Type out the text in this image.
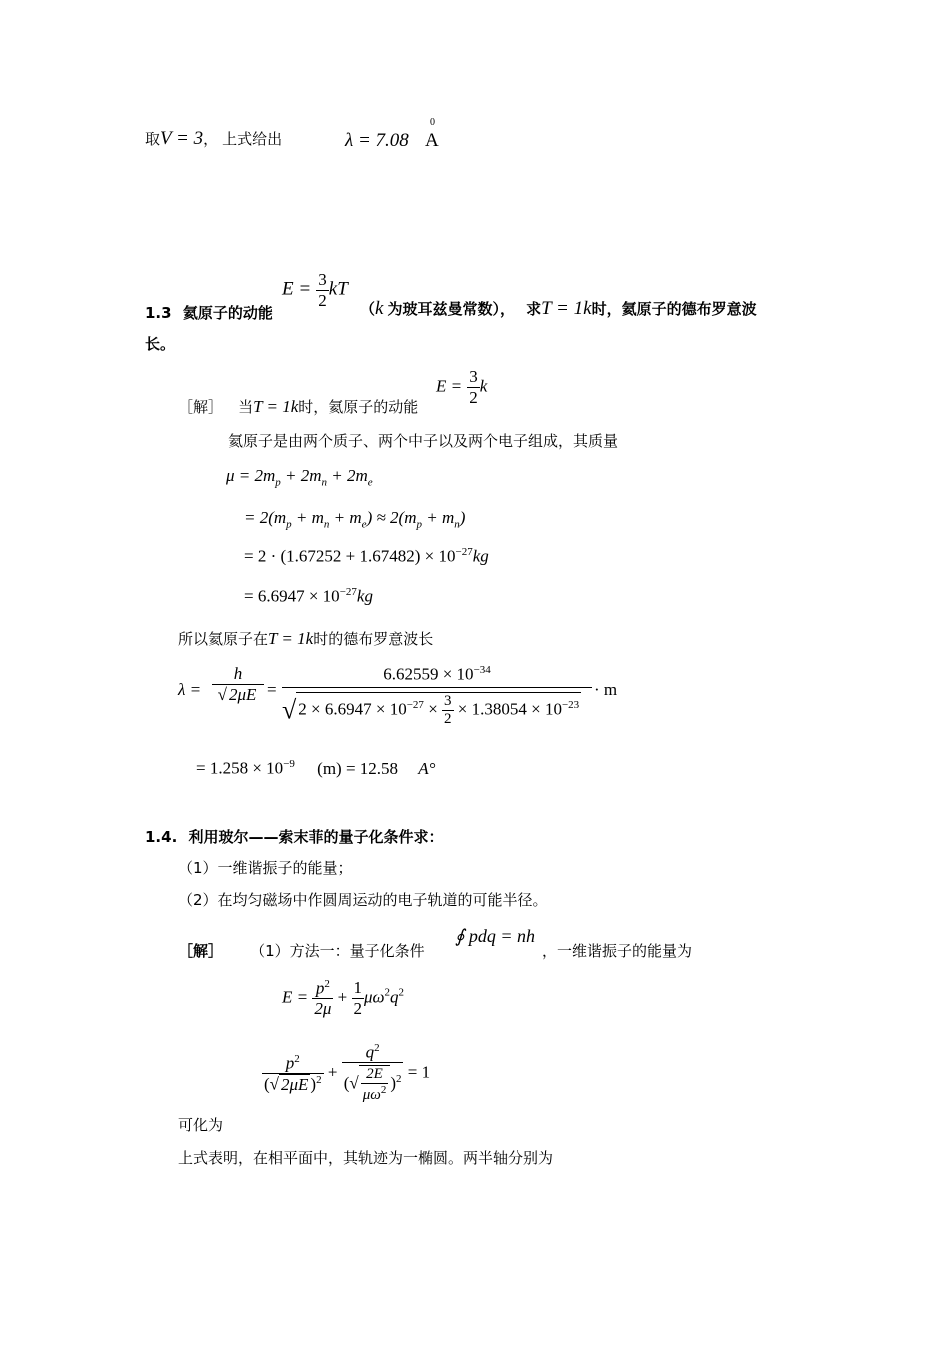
取V = 3， 上式给出	λ = 7.08 A
0
1.3 氦原子的动能
$E = \frac{3}{2}$ kT
（k 为玻耳兹曼常数）， 求T = 1k时，氦原子的德布罗意波
长。
［解］ 当T = 1k时，氦原子的动能
$E = \frac{3}{2}$ k
氦原子是由两个质子、两个中子以及两个电子组成，其质量
$\mu = 2m_p + 2m_n + 2m_e$
= $2(m_p + m_n + m_e) \approx 2(m_p + m_n)$
= $2 \cdot (1.67252 + 1.67482) \times 10^{-27}kg$
= $6.6947 \times 10^{-27}kg$
所以氦原子在T = 1k时的德布罗意波长
λ =
h
√ 2μE =
$6.62559 \times 10^{-34}$
√ $2 \times 6.6947 \times 10^{-27} \times \frac{3}{2} \times 1.38054 \times 10^{-23}$
· m
= $1.258 \times 10^{-9}$ (m) = 12.58 A°
1.4. 利用玻尔——索末菲的量子化条件求：
（1）一维谐振子的能量；
（2）在均匀磁场中作圆周运动的电子轨道的可能半径。
［解］ （1）方法一：量子化条件
∮ pdq = nh
，一维谐振子的能量为
$E = \frac{p^2}{2\mu} + \frac{1}{2} \mu\omega^2q^2$
$\frac{p^2}{(√ 2\mu E )^2} + \frac{q^2}{(√ \frac{2E}{\mu\omega^2} )^2} = 1$
可化为
上式表明，在相平面中，其轨迹为一椭圆。两半轴分别为
